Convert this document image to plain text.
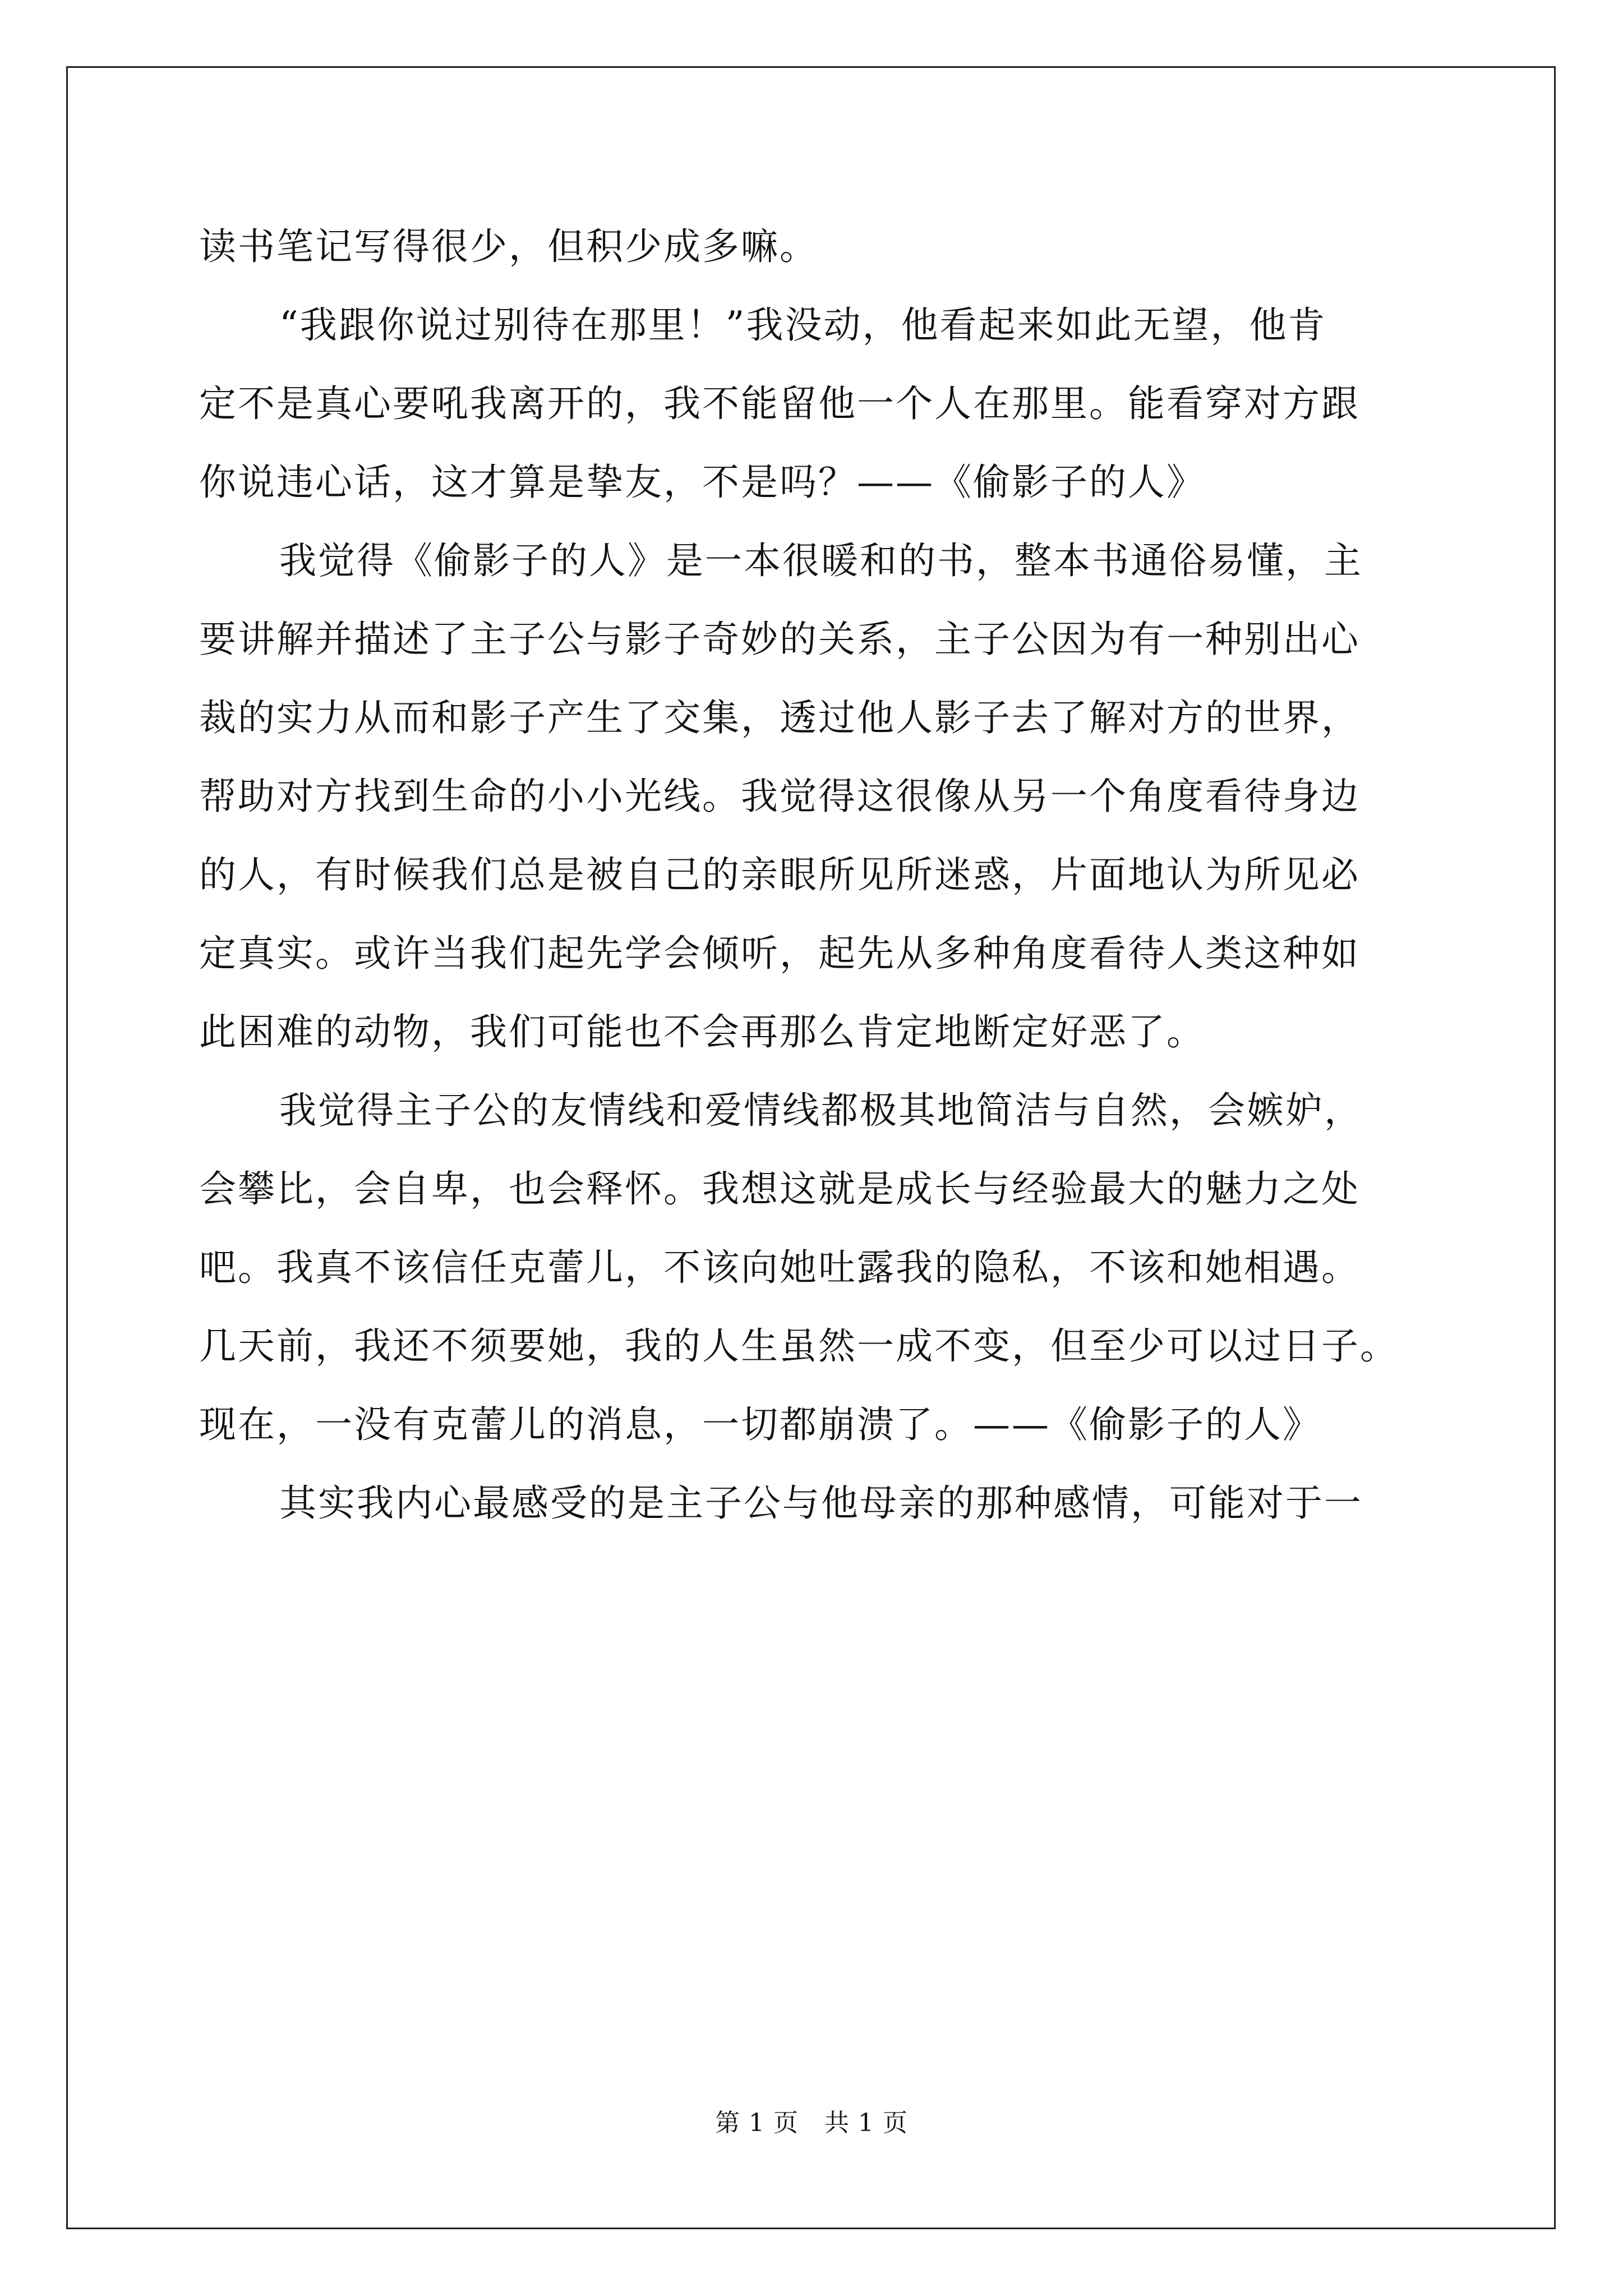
读书笔记写得很少，但积少成多嘛。
“我跟你说过别待在那里！”我没动，他看起来如此无望，他肯
定不是真心要吼我离开的，我不能留他一个人在那里。能看穿对方跟
你说违心话，这才算是挚友，不是吗？——《偷影子的人》
我觉得《偷影子的人》是一本很暖和的书，整本书通俗易懂，主
要讲解并描述了主子公与影子奇妙的关系，主子公因为有一种别出心
裁的实力从而和影子产生了交集，透过他人影子去了解对方的世界，
帮助对方找到生命的小小光线。我觉得这很像从另一个角度看待身边
的人，有时候我们总是被自己的亲眼所见所迷惑，片面地认为所见必
定真实。或许当我们起先学会倾听，起先从多种角度看待人类这种如
此困难的动物，我们可能也不会再那么肯定地断定好恶了。
我觉得主子公的友情线和爱情线都极其地简洁与自然，会嫉妒，
会攀比，会自卑，也会释怀。我想这就是成长与经验最大的魅力之处
吧。我真不该信任克蕾儿，不该向她吐露我的隐私，不该和她相遇。
几天前，我还不须要她，我的人生虽然一成不变，但至少可以过日子。
现在，一没有克蕾儿的消息，一切都崩溃了。——《偷影子的人》
其实我内心最感受的是主子公与他母亲的那种感情，可能对于一
第 1 页 共 1 页
